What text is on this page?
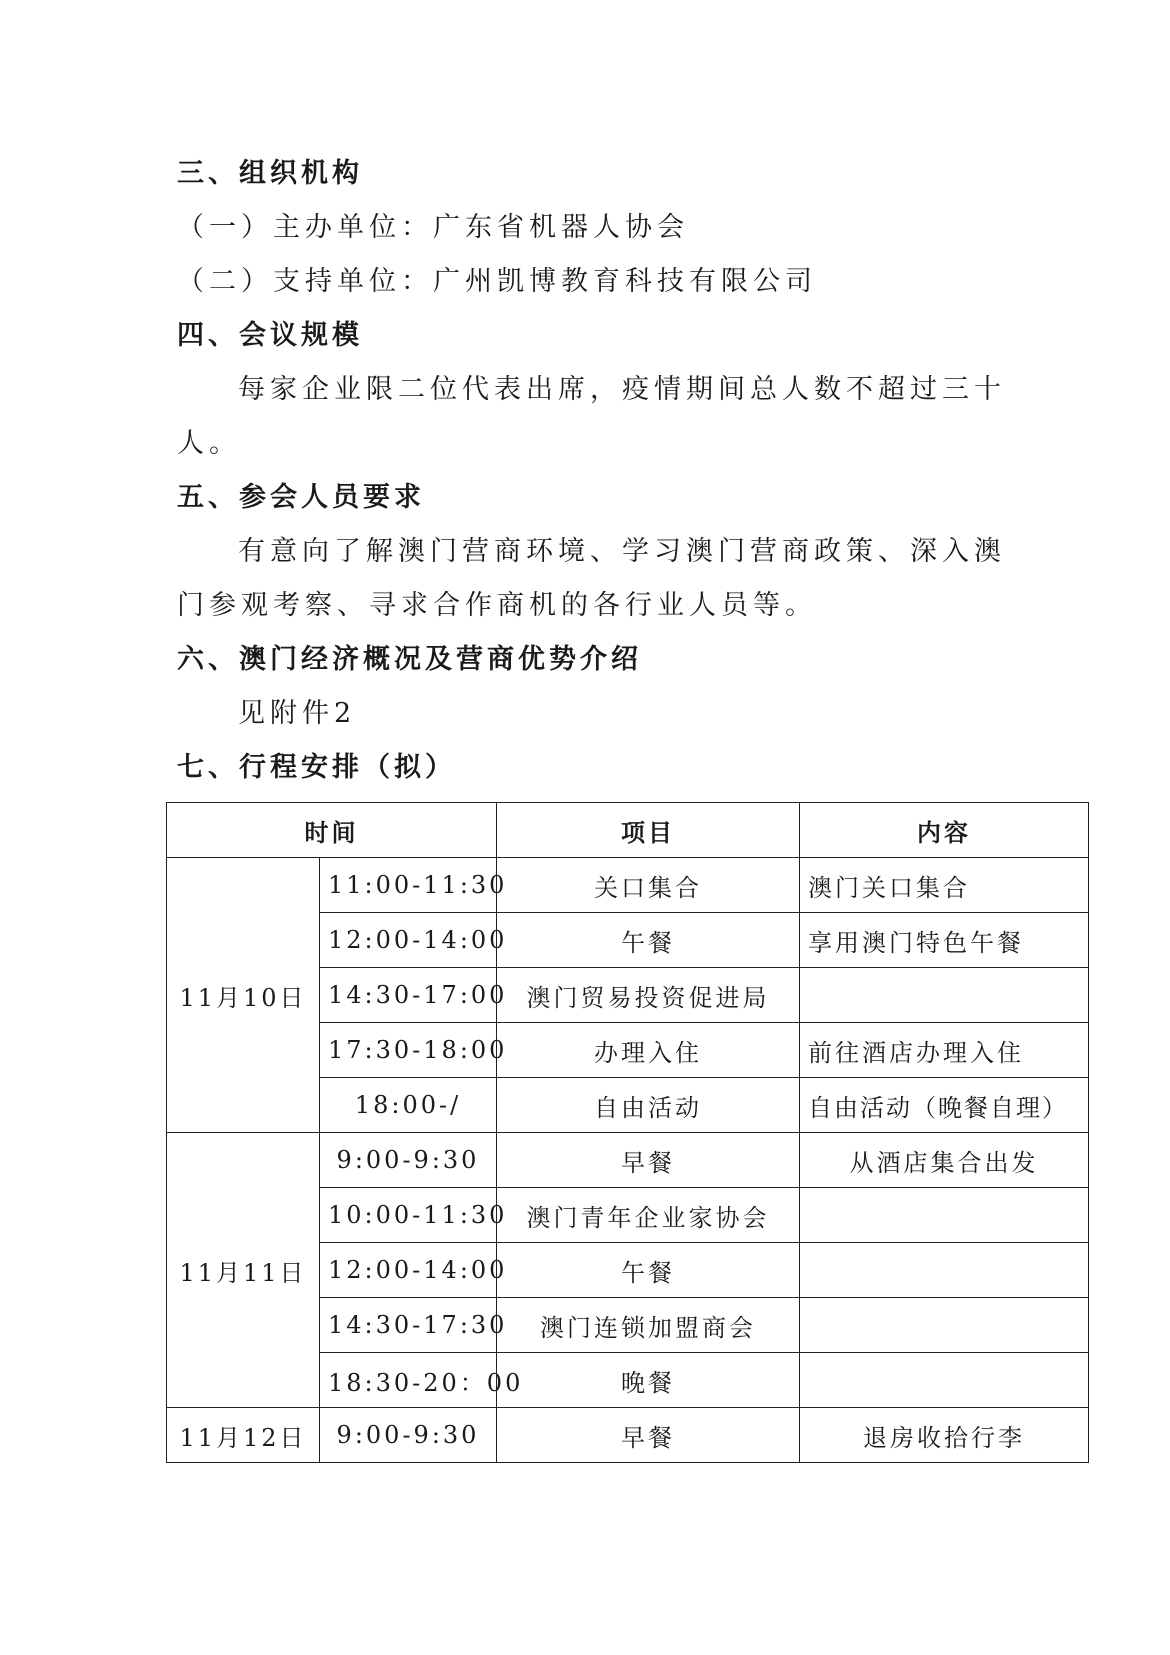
三、组织机构
（一）主办单位：广东省机器人协会
（二）支持单位：广州凯博教育科技有限公司
四、会议规模
每家企业限二位代表出席，疫情期间总人数不超过三十
人。
五、参会人员要求
有意向了解澳门营商环境、学习澳门营商政策、深入澳
门参观考察、寻求合作商机的各行业人员等。
六、澳门经济概况及营商优势介绍
见附件2
七、行程安排（拟）
时间		项目	内容
11月10日	11:00-11:30	关口集合	澳门关口集合
	12:00-14:00	午餐	享用澳门特色午餐
	14:30-17:00	澳门贸易投资促进局	
	17:30-18:00	办理入住	前往酒店办理入住
	18:00-/	自由活动	自由活动（晚餐自理）
11月11日	9:00-9:30	早餐	从酒店集合出发
	10:00-11:30	澳门青年企业家协会	
	12:00-14:00	午餐	
	14:30-17:30	澳门连锁加盟商会	
	18:30-20：00	晚餐	
11月12日	9:00-9:30	早餐	退房收拾行李
